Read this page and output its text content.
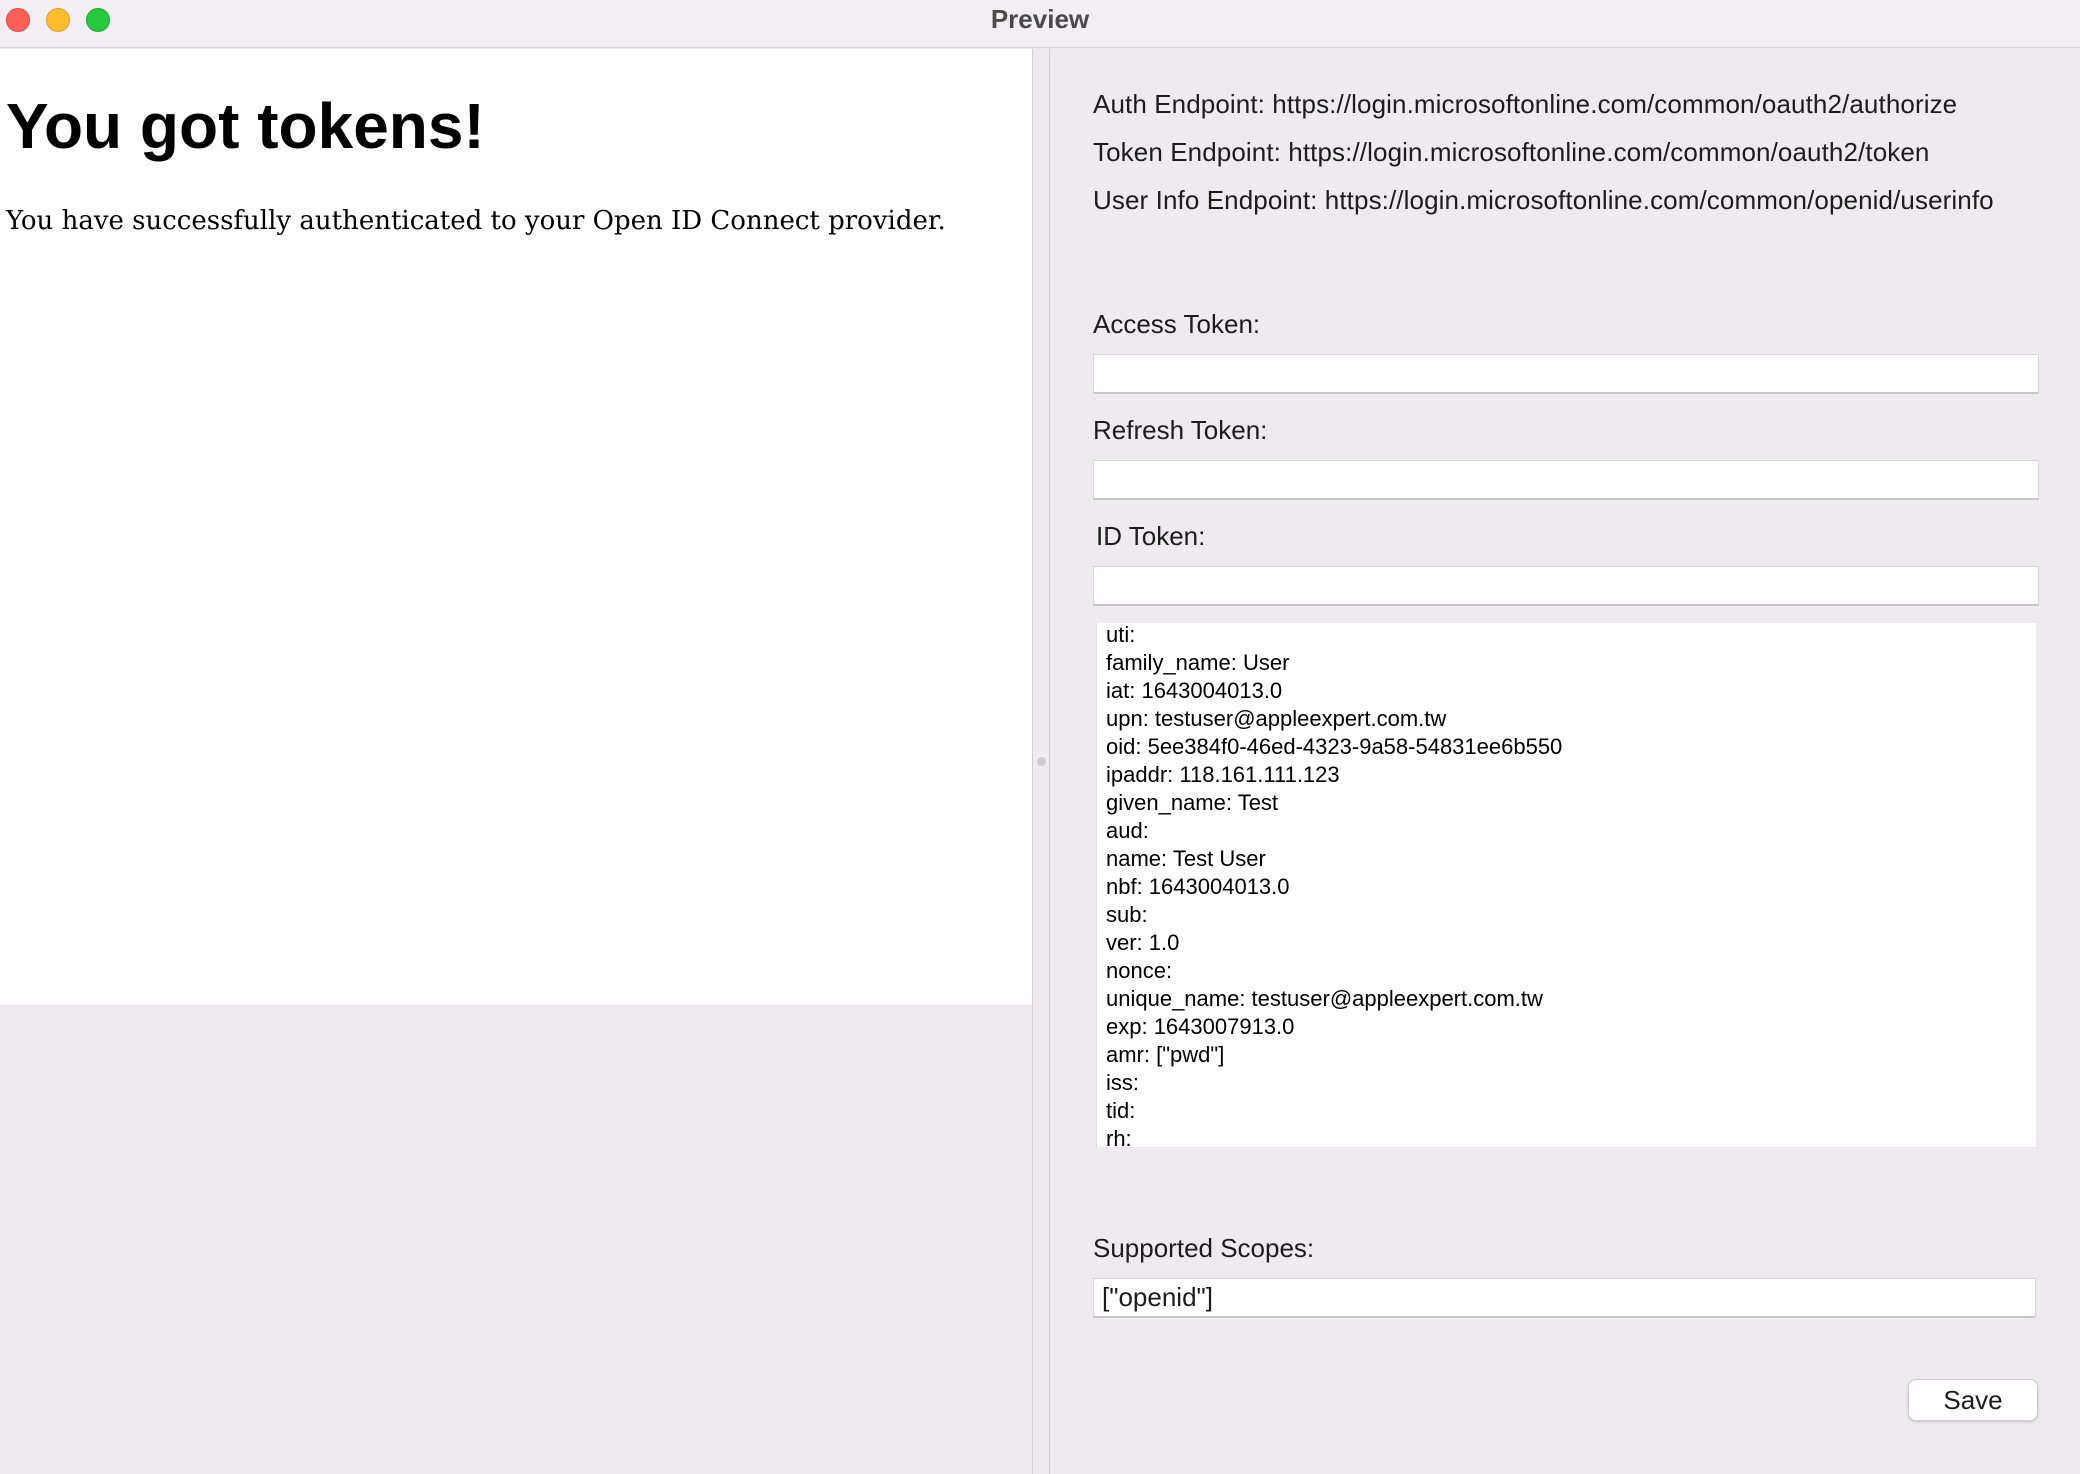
Preview
You got tokens!

You have successfully authenticated to your Open ID Connect provider.

Auth Endpoint: https://login.microsoftonline.com/common/oauth2/authorize
Token Endpoint: https://login.microsoftonline.com/common/oauth2/token
User Info Endpoint: https://login.microsoftonline.com/common/openid/userinfo
Access Token:
Refresh Token:
ID Token:
uti:
family_name: User
iat: 1643004013.0
upn: testuser@appleexpert.com.tw
oid: 5ee384f0-46ed-4323-9a58-54831ee6b550
ipaddr: 118.161.111.123
given_name: Test
aud:
name: Test User
nbf: 1643004013.0
sub:
ver: 1.0
nonce:
unique_name: testuser@appleexpert.com.tw
exp: 1643007913.0
amr: ["pwd"]
iss:
tid:
rh:
Supported Scopes:
["openid"]
Save
